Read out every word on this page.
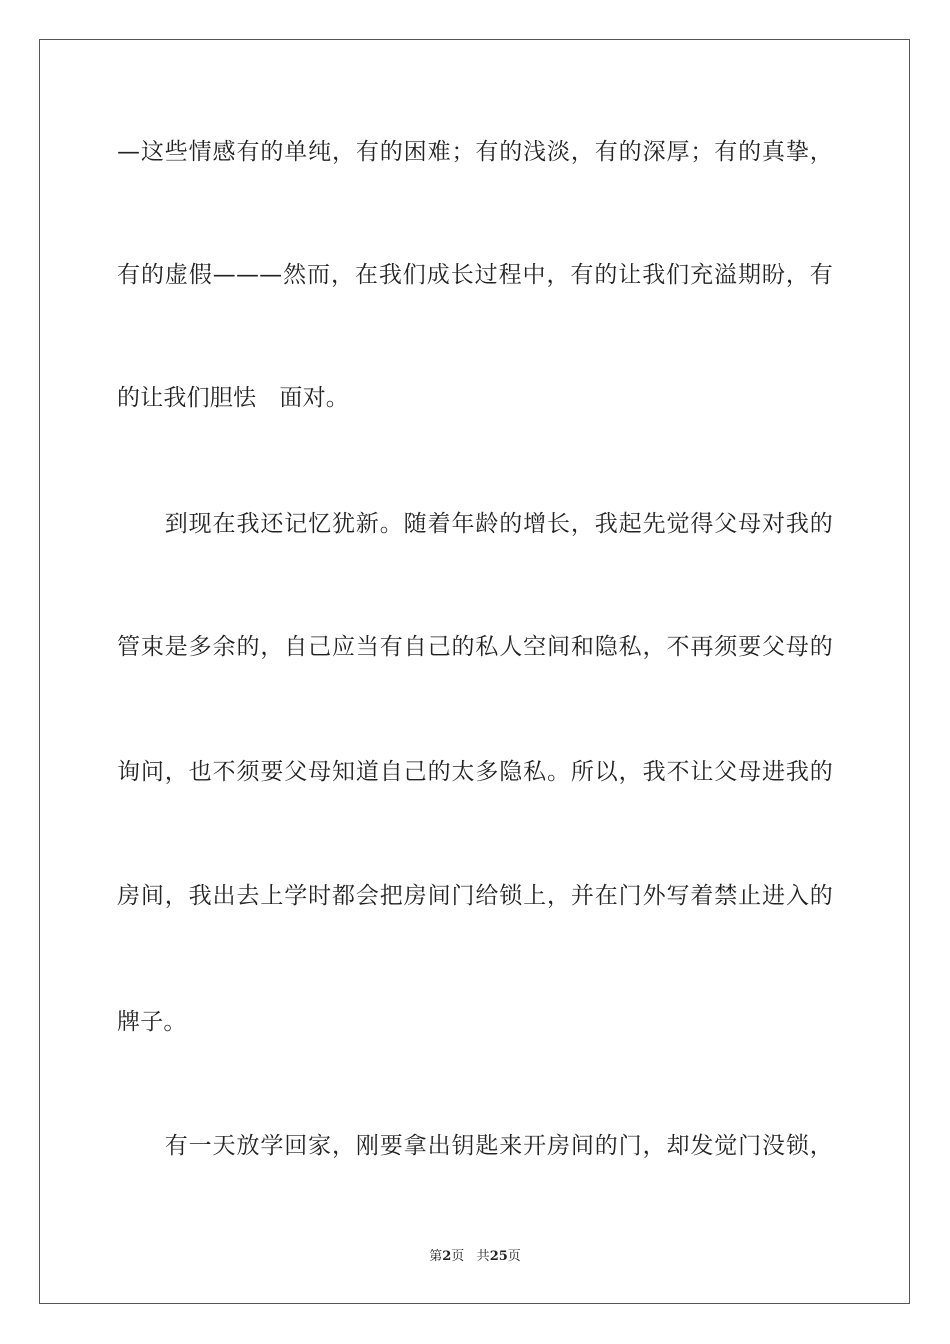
—这些情感有的单纯，有的困难；有的浅淡，有的深厚；有的真挚，
有的虚假———然而，在我们成长过程中，有的让我们充溢期盼，有
的让我们胆怯　面对。
　　到现在我还记忆犹新。随着年龄的增长，我起先觉得父母对我的
管束是多余的，自己应当有自己的私人空间和隐私，不再须要父母的
询问，也不须要父母知道自己的太多隐私。所以，我不让父母进我的
房间，我出去上学时都会把房间门给锁上，并在门外写着禁止进入的
牌子。
　　有一天放学回家，刚要拿出钥匙来开房间的门，却发觉门没锁，
第2页 共25页
